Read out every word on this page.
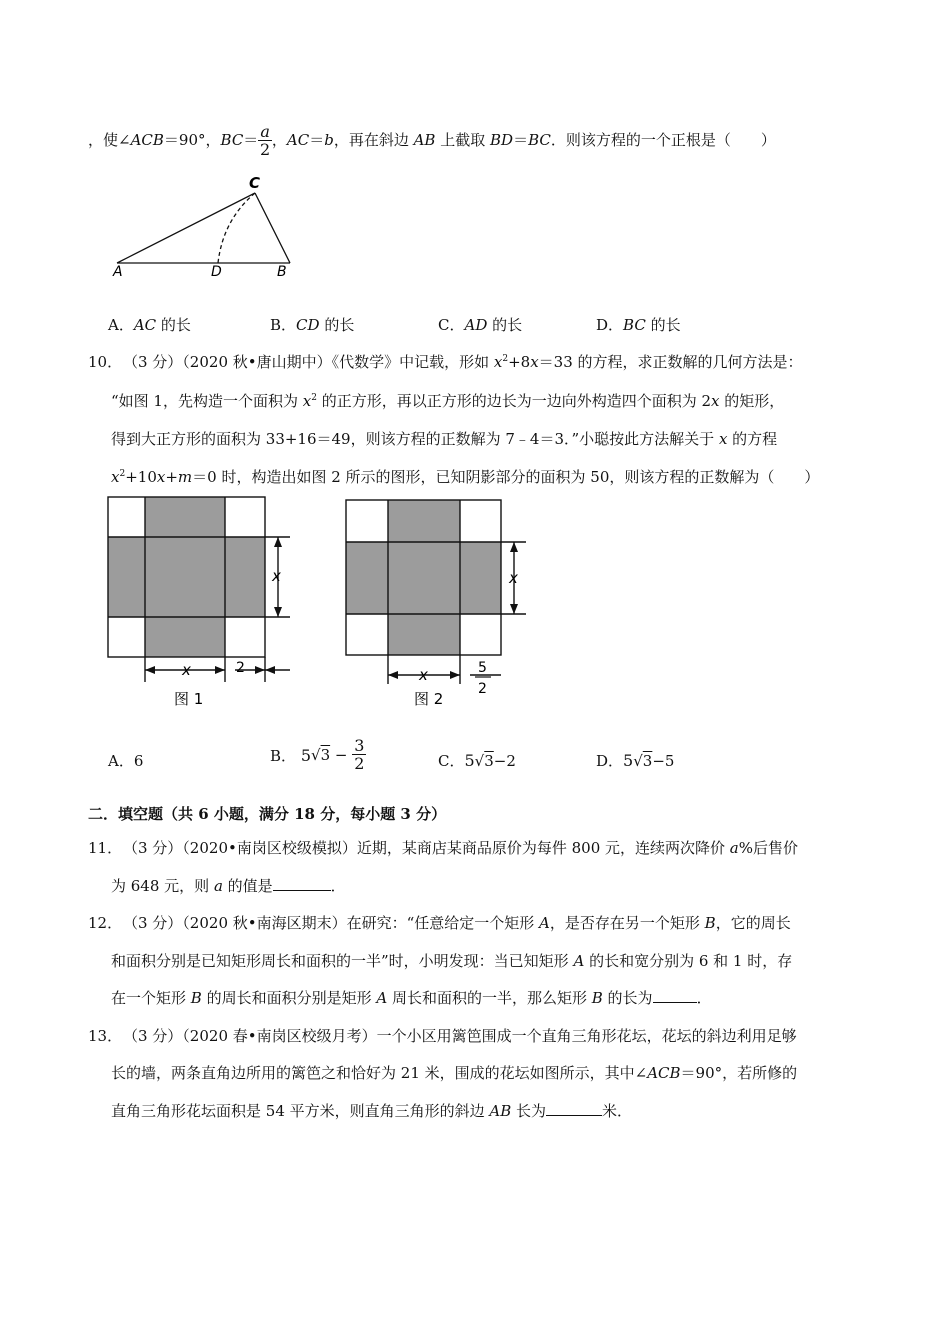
，使∠ACB＝90°，$BC= \frac{a}{2}$ ，AC＝b，再在斜边 AB 上截取 BD＝BC．则该方程的一个正根是（　　）
C
A	D	B
A．AC 的长	B．CD 的长	C．AD 的长	D．BC 的长
10． （3 分）（2020 秋•唐山期中）《代数学》中记载，形如 $x^2+8x=33$ 的方程，求正数解的几何方法是：
“如图 1，先构造一个面积为 $x^2$ 的正方形，再以正方形的边长为一边向外构造四个面积为 2x 的矩形，
得到大正方形的面积为 33+16＝49，则该方程的正数解为 7﹣4＝3．”小聪按此方法解关于 x 的方程
$x^2+10x+m=0$ 时，构造出如图 2 所示的图形，已知阴影部分的面积为 50，则该方程的正数解为（　　）
x
x	2
图 1
x
x	5
2
图 2
A．6	B． $5√3 - \frac{3}{2}$	C．5√3−2	D．5√3−5
二．填空题（共 6 小题，满分 18 分，每小题 3 分）
11． （3 分）（2020•南岗区校级模拟）近期，某商店某商品原价为每件 800 元，连续两次降价 a%后售价
为 648 元，则 a 的值是	．
12． （3 分）（2020 秋•南海区期末）在研究：“任意给定一个矩形 A，是否存在另一个矩形 B，它的周长
和面积分别是已知矩形周长和面积的一半”时，小明发现：当已知矩形 A 的长和宽分别为 6 和 1 时，存
在一个矩形 B 的周长和面积分别是矩形 A 周长和面积的一半，那么矩形 B 的长为	．
13． （3 分）（2020 春•南岗区校级月考）一个小区用篱笆围成一个直角三角形花坛，花坛的斜边利用足够
长的墙，两条直角边所用的篱笆之和恰好为 21 米，围成的花坛如图所示，其中∠ACB＝90°，若所修的
直角三角形花坛面积是 54 平方米，则直角三角形的斜边 AB 长为	米．
